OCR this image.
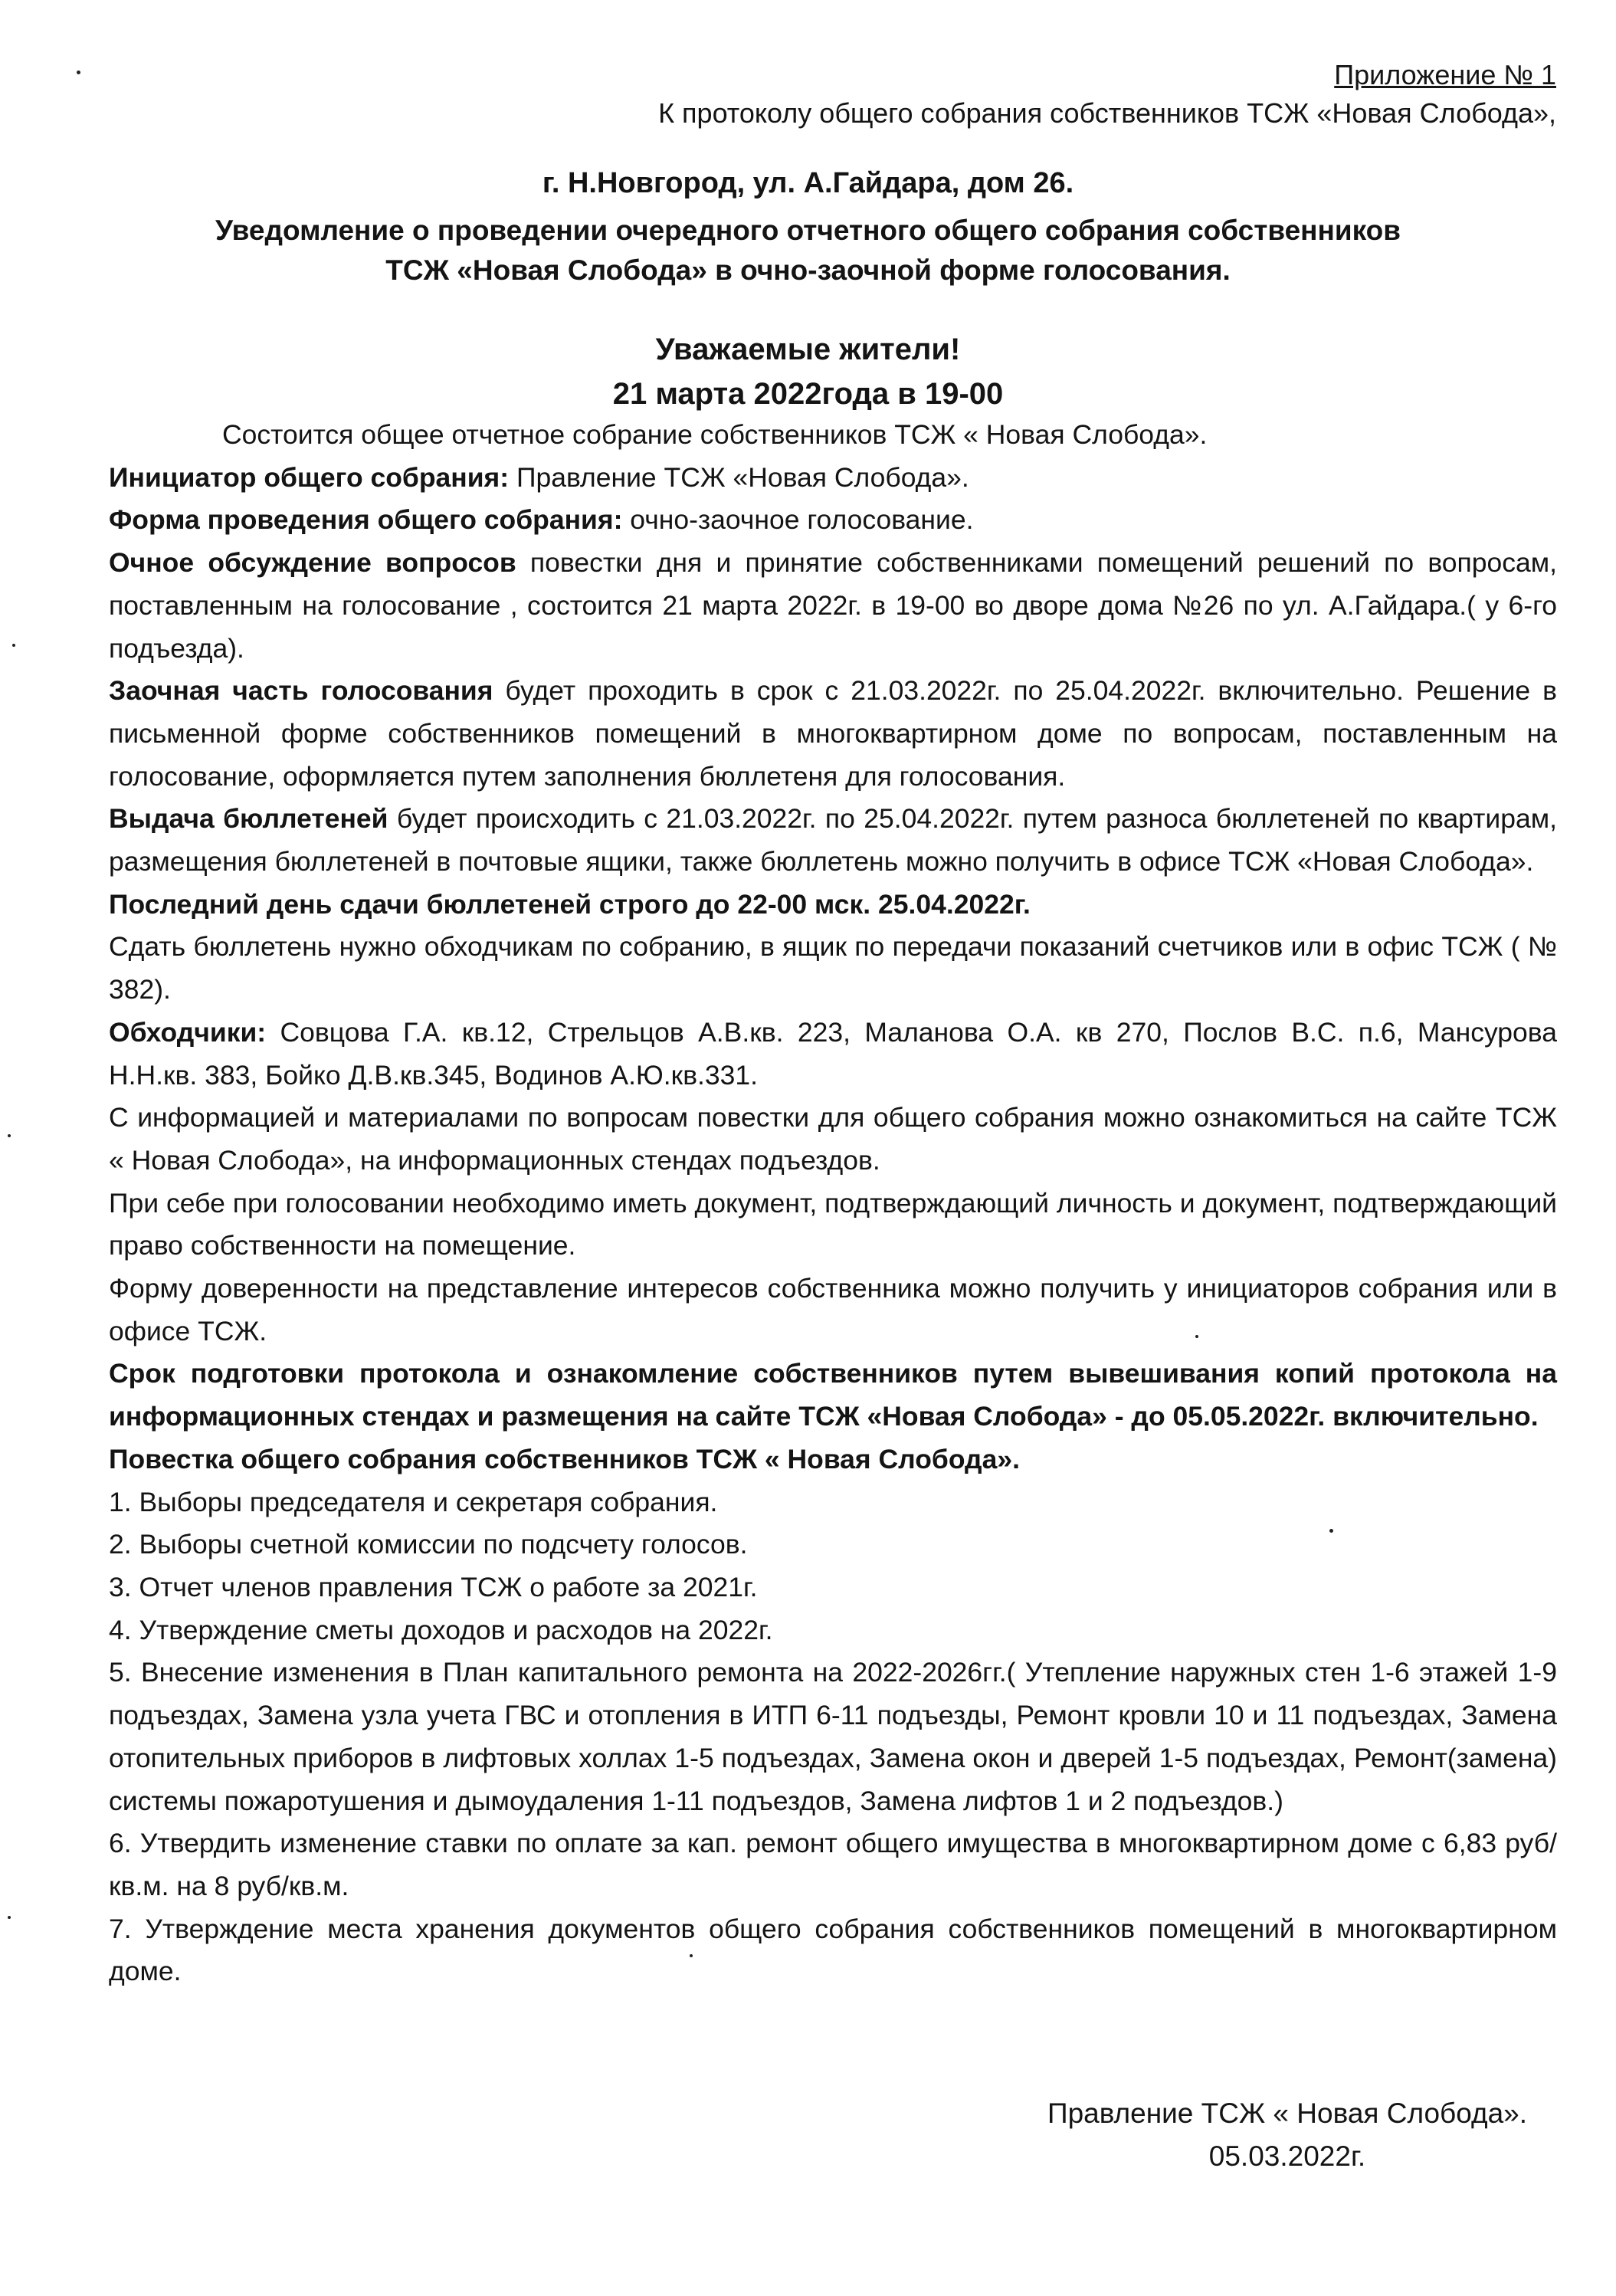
Приложение № 1
К протоколу общего собрания собственников ТСЖ «Новая Слобода»,
г. Н.Новгород, ул. А.Гайдара, дом 26.
Уведомление о проведении очередного отчетного общего собрания собственников
ТСЖ «Новая Слобода» в очно-заочной форме голосования.
Уважаемые жители!
21 марта 2022года в 19-00

Состоится общее отчетное собрание собственников ТСЖ « Новая Слобода».

Инициатор общего собрания: Правление ТСЖ «Новая Слобода».

Форма проведения общего собрания: очно-заочное голосование.

Очное обсуждение вопросов повестки дня и принятие собственниками помещений решений по вопросам, поставленным на голосование , состоится 21 марта 2022г. в 19-00 во дворе дома №26 по ул. А.Гайдара.( у 6-го подъезда).

Заочная часть голосования будет проходить в срок с 21.03.2022г. по 25.04.2022г. включительно. Решение в письменной форме собственников помещений в многоквартирном доме по вопросам, поставленным на голосование, оформляется путем заполнения бюллетеня для голосования.

Выдача бюллетеней будет происходить с 21.03.2022г. по 25.04.2022г. путем разноса бюллетеней по квартирам, размещения бюллетеней в почтовые ящики, также бюллетень можно получить в офисе ТСЖ «Новая Слобода».

Последний день сдачи бюллетеней строго до 22-00 мск. 25.04.2022г.

Сдать бюллетень нужно обходчикам по собранию, в ящик по передачи показаний счетчиков или в офис ТСЖ ( № 382).

Обходчики: Совцова Г.А. кв.12, Стрельцов А.В.кв. 223, Маланова О.А. кв 270, Послов В.С. п.6, Мансурова Н.Н.кв. 383, Бойко Д.В.кв.345, Водинов А.Ю.кв.331.

С информацией и материалами по вопросам повестки для общего собрания можно ознакомиться на сайте ТСЖ « Новая Слобода», на информационных стендах подъездов.

При себе при голосовании необходимо иметь документ, подтверждающий личность и документ, подтверждающий право собственности на помещение.

Форму доверенности на представление интересов собственника можно получить у инициаторов собрания или в офисе ТСЖ.

Срок подготовки протокола и ознакомление собственников путем вывешивания копий протокола на информационных стендах и размещения на сайте ТСЖ «Новая Слобода» - до 05.05.2022г. включительно.

Повестка общего собрания собственников ТСЖ « Новая Слобода».

1. Выборы председателя и секретаря собрания.

2. Выборы счетной комиссии по подсчету голосов.

3. Отчет членов правления ТСЖ о работе за 2021г.

4. Утверждение сметы доходов и расходов на 2022г.

5. Внесение изменения в План капитального ремонта на 2022-2026гг.( Утепление наружных стен 1-6 этажей 1-9 подъездах, Замена узла учета ГВС и отопления в ИТП 6-11 подъезды, Ремонт кровли 10 и 11 подъездах, Замена отопительных приборов в лифтовых холлах 1-5 подъездах, Замена окон и дверей 1-5 подъездах, Ремонт(замена) системы пожаротушения и дымоудаления 1-11 подъездов, Замена лифтов 1 и 2 подъездов.)

6. Утвердить изменение ставки по оплате за кап. ремонт общего имущества в многоквартирном доме с 6,83 руб/кв.м. на 8 руб/кв.м.

7. Утверждение места хранения документов общего собрания собственников помещений в многоквартирном доме.

Правление ТСЖ « Новая Слобода».
05.03.2022г.
